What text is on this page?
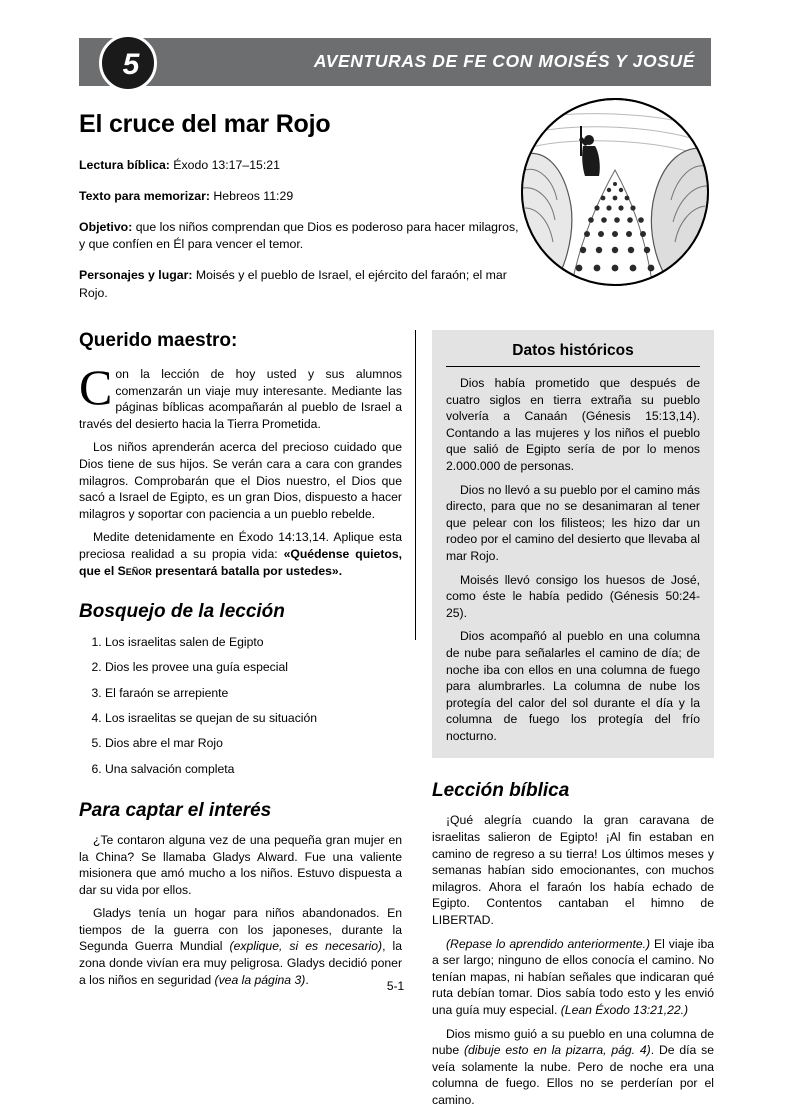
AVENTURAS DE FE CON MOISÉS Y JOSUÉ
5
El cruce del mar Rojo
Lectura bíblica: Éxodo 13:17–15:21
Texto para memorizar: Hebreos 11:29
Objetivo: que los niños comprendan que Dios es poderoso para hacer milagros, y que confíen en Él para vencer el temor.
Personajes y lugar: Moisés y el pueblo de Israel, el ejército del faraón; el mar Rojo.
Querido maestro:
Con la lección de hoy usted y sus alumnos comenzarán un viaje muy interesante. Mediante las páginas bíblicas acompañarán al pueblo de Israel a través del desierto hacia la Tierra Prometida.

Los niños aprenderán acerca del precioso cuidado que Dios tiene de sus hijos. Se verán cara a cara con grandes milagros. Comprobarán que el Dios nuestro, el Dios que sacó a Israel de Egipto, es un gran Dios, dispuesto a hacer milagros y soportar con paciencia a un pueblo rebelde.

Medite detenidamente en Éxodo 14:13,14. Aplique esta preciosa realidad a su propia vida: «Quédense quietos, que el Señor presentará batalla por ustedes».

Bosquejo de la lección
1. Los israelitas salen de Egipto
2. Dios les provee una guía especial
3. El faraón se arrepiente
4. Los israelitas se quejan de su situación
5. Dios abre el mar Rojo
6. Una salvación completa
Para captar el interés

¿Te contaron alguna vez de una pequeña gran mujer en la China? Se llamaba Gladys Alward. Fue una valiente misionera que amó mucho a los niños. Estuvo dispuesta a dar su vida por ellos.

Gladys tenía un hogar para niños abandonados. En tiempos de la guerra con los japoneses, durante la Segunda Guerra Mundial (explique, si es necesario), la zona donde vivían era muy peligrosa. Gladys decidió poner a los niños en seguridad (vea la página 3).

Datos históricos

Dios había prometido que después de cuatro siglos en tierra extraña su pueblo volvería a Canaán (Génesis 15:13,14). Contando a las mujeres y los niños el pueblo que salió de Egipto sería de por lo menos 2.000.000 de personas.

Dios no llevó a su pueblo por el camino más directo, para que no se desanimaran al tener que pelear con los filisteos; les hizo dar un rodeo por el camino del desierto que llevaba al mar Rojo.

Moisés llevó consigo los huesos de José, como éste le había pedido (Génesis 50:24-25).

Dios acompañó al pueblo en una columna de nube para señalarles el camino de día; de noche iba con ellos en una columna de fuego para alumbrarles. La columna de nube los protegía del calor del sol durante el día y la columna de fuego los protegía del frío nocturno.

Lección bíblica

¡Qué alegría cuando la gran caravana de israelitas salieron de Egipto! ¡Al fin estaban en camino de regreso a su tierra! Los últimos meses y semanas habían sido emocionantes, con muchos milagros. Ahora el faraón los había echado de Egipto. Contentos cantaban el himno de LIBERTAD.

(Repase lo aprendido anteriormente.) El viaje iba a ser largo; ninguno de ellos conocía el camino. No tenían mapas, ni habían señales que indicaran qué ruta debían tomar. Dios sabía todo esto y les envió una guía muy especial. (Lean Éxodo 13:21,22.)

Dios mismo guió a su pueblo en una columna de nube (dibuje esto en la pizarra, pág. 4). De día se veía solamente la nube. Pero de noche era una columna de fuego. Ellos no se perderían por el camino.

5-1
